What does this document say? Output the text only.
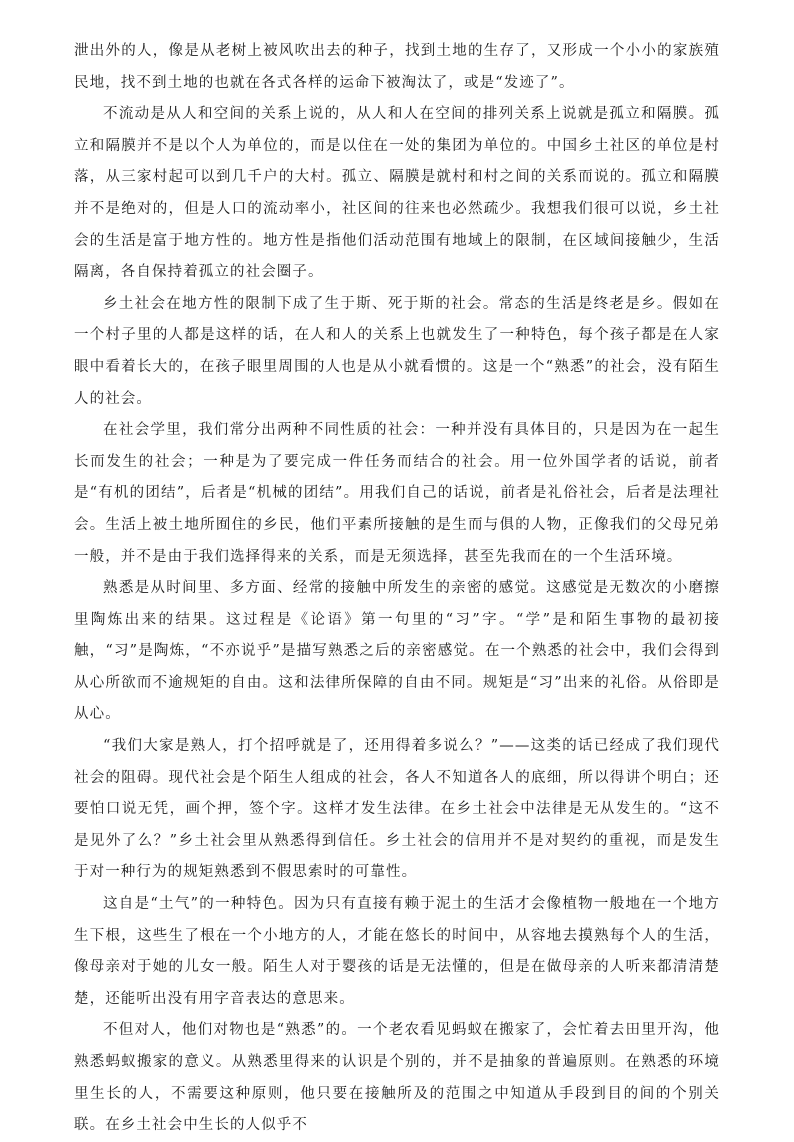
泄出外的人，像是从老树上被风吹出去的种子，找到土地的生存了，又形成一个小小的家族殖民地，找不到土地的也就在各式各样的运命下被淘汰了，或是“发迹了”。

不流动是从人和空间的关系上说的，从人和人在空间的排列关系上说就是孤立和隔膜。孤立和隔膜并不是以个人为单位的，而是以住在一处的集团为单位的。中国乡土社区的单位是村落，从三家村起可以到几千户的大村。孤立、隔膜是就村和村之间的关系而说的。孤立和隔膜并不是绝对的，但是人口的流动率小，社区间的往来也必然疏少。我想我们很可以说，乡土社会的生活是富于地方性的。地方性是指他们活动范围有地域上的限制，在区域间接触少，生活隔离，各自保持着孤立的社会圈子。

乡土社会在地方性的限制下成了生于斯、死于斯的社会。常态的生活是终老是乡。假如在一个村子里的人都是这样的话，在人和人的关系上也就发生了一种特色，每个孩子都是在人家眼中看着长大的，在孩子眼里周围的人也是从小就看惯的。这是一个“熟悉”的社会，没有陌生人的社会。

在社会学里，我们常分出两种不同性质的社会：一种并没有具体目的，只是因为在一起生长而发生的社会；一种是为了要完成一件任务而结合的社会。用一位外国学者的话说，前者是“有机的团结”，后者是“机械的团结”。用我们自己的话说，前者是礼俗社会，后者是法理社会。生活上被土地所囿住的乡民，他们平素所接触的是生而与俱的人物，正像我们的父母兄弟一般，并不是由于我们选择得来的关系，而是无须选择，甚至先我而在的一个生活环境。

熟悉是从时间里、多方面、经常的接触中所发生的亲密的感觉。这感觉是无数次的小磨擦里陶炼出来的结果。这过程是《论语》第一句里的“习”字。“学”是和陌生事物的最初接触，“习”是陶炼，“不亦说乎”是描写熟悉之后的亲密感觉。在一个熟悉的社会中，我们会得到从心所欲而不逾规矩的自由。这和法律所保障的自由不同。规矩是“习”出来的礼俗。从俗即是从心。

“我们大家是熟人，打个招呼就是了，还用得着多说么？”——这类的话已经成了我们现代社会的阻碍。现代社会是个陌生人组成的社会，各人不知道各人的底细，所以得讲个明白；还要怕口说无凭，画个押，签个字。这样才发生法律。在乡土社会中法律是无从发生的。“这不是见外了么？”乡土社会里从熟悉得到信任。乡土社会的信用并不是对契约的重视，而是发生于对一种行为的规矩熟悉到不假思索时的可靠性。

这自是“土气”的一种特色。因为只有直接有赖于泥土的生活才会像植物一般地在一个地方生下根，这些生了根在一个小地方的人，才能在悠长的时间中，从容地去摸熟每个人的生活，像母亲对于她的儿女一般。陌生人对于婴孩的话是无法懂的，但是在做母亲的人听来都清清楚楚，还能听出没有用字音表达的意思来。

不但对人，他们对物也是“熟悉”的。一个老农看见蚂蚁在搬家了，会忙着去田里开沟，他熟悉蚂蚁搬家的意义。从熟悉里得来的认识是个别的，并不是抽象的普遍原则。在熟悉的环境里生长的人，不需要这种原则，他只要在接触所及的范围之中知道从手段到目的间的个别关联。在乡土社会中生长的人似乎不
